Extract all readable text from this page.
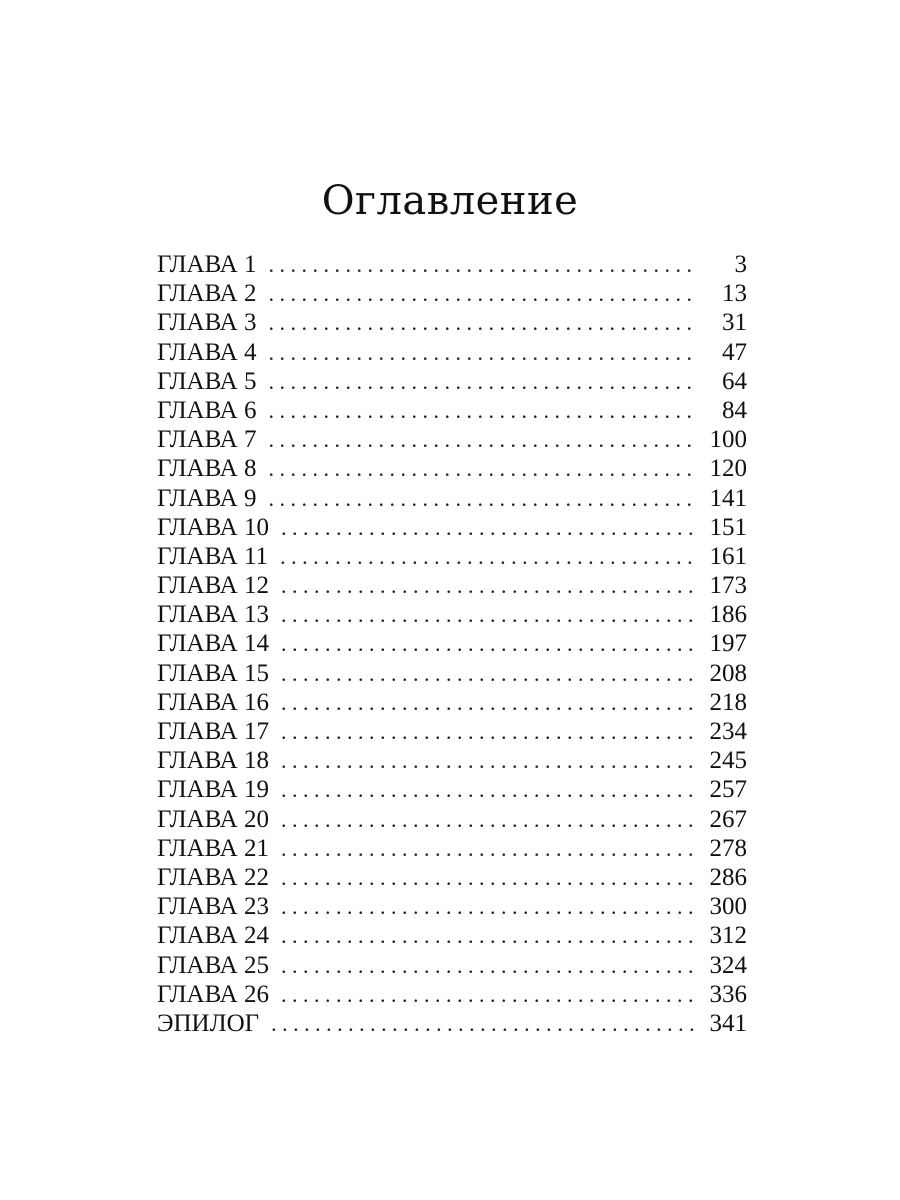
Оглавление
ГЛАВА 1 . . .	3
ГЛАВА 2 . . .	13
ГЛАВА 3 . . .	31
ГЛАВА 4 . . .	47
ГЛАВА 5 . . .	64
ГЛАВА 6 . . .	84
ГЛАВА 7 . . .	100
ГЛАВА 8 . . .	120
ГЛАВА 9 . . .	141
ГЛАВА 10 . . .	151
ГЛАВА 11 . . .	161
ГЛАВА 12 . . .	173
ГЛАВА 13 . . .	186
ГЛАВА 14 . . .	197
ГЛАВА 15 . . .	208
ГЛАВА 16 . . .	218
ГЛАВА 17 . . .	234
ГЛАВА 18 . . .	245
ГЛАВА 19 . . .	257
ГЛАВА 20 . . .	267
ГЛАВА 21 . . .	278
ГЛАВА 22 . . .	286
ГЛАВА 23 . . .	300
ГЛАВА 24 . . .	312
ГЛАВА 25 . . .	324
ГЛАВА 26 . . .	336
ЭПИЛОГ . . .	341
